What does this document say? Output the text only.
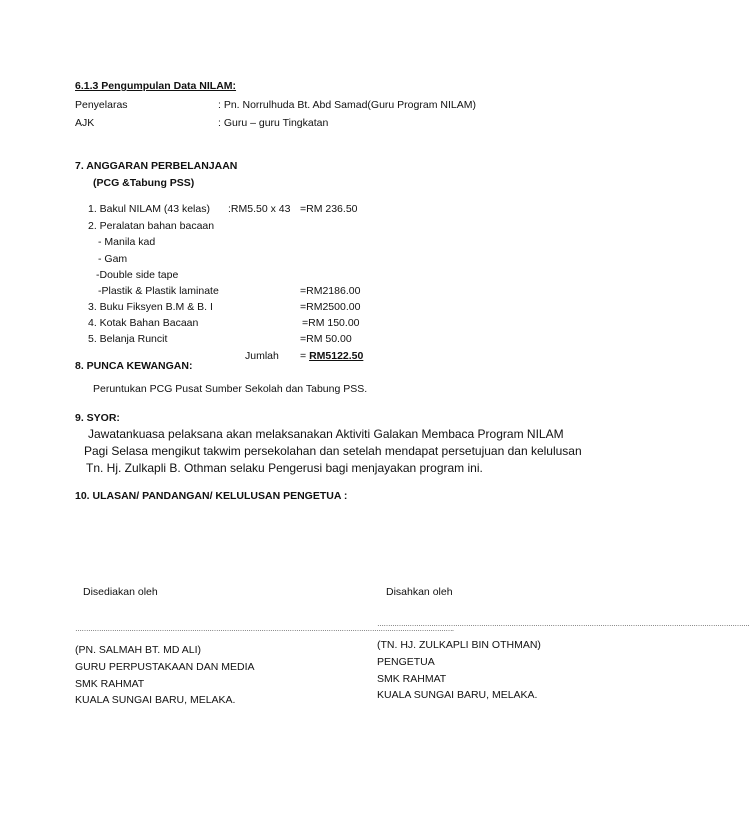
6.1.3 Pengumpulan Data NILAM:
Penyelaras	: Pn. Norrulhuda Bt. Abd Samad(Guru Program NILAM)
AJK	: Guru – guru Tingkatan
7. ANGGARAN PERBELANJAAN
(PCG &Tabung PSS)
1. Bakul NILAM (43 kelas) :RM5.50 x 43 =RM 236.50
2. Peralatan bahan bacaan
- Manila kad
- Gam
-Double side tape
-Plastik & Plastik laminate	=RM2186.00
3. Buku Fiksyen B.M & B. I	=RM2500.00
4. Kotak Bahan Bacaan	=RM 150.00
5. Belanja Runcit	=RM 50.00
Jumlah = RM5122.50
8. PUNCA KEWANGAN:
Peruntukan PCG Pusat Sumber Sekolah dan Tabung PSS.
9. SYOR:
Jawatankuasa pelaksana akan melaksanakan Aktiviti Galakan Membaca Program NILAM
Pagi Selasa mengikut takwim persekolahan dan setelah mendapat persetujuan dan kelulusan
Tn. Hj. Zulkapli B. Othman selaku Pengerusi bagi menjayakan program ini.
10. ULASAN/ PANDANGAN/ KELULUSAN PENGETUA :
Disediakan oleh	Disahkan oleh
………………………………………………………………………………………………………………………………………………………….
(PN. SALMAH BT. MD ALI)
GURU PERPUSTAKAAN DAN MEDIA
SMK RAHMAT
KUALA SUNGAI BARU, MELAKA.
……………………………………………………………………………………………………………………………………………………….
(TN. HJ. ZULKAPLI BIN OTHMAN)
PENGETUA
SMK RAHMAT
KUALA SUNGAI BARU, MELAKA.
